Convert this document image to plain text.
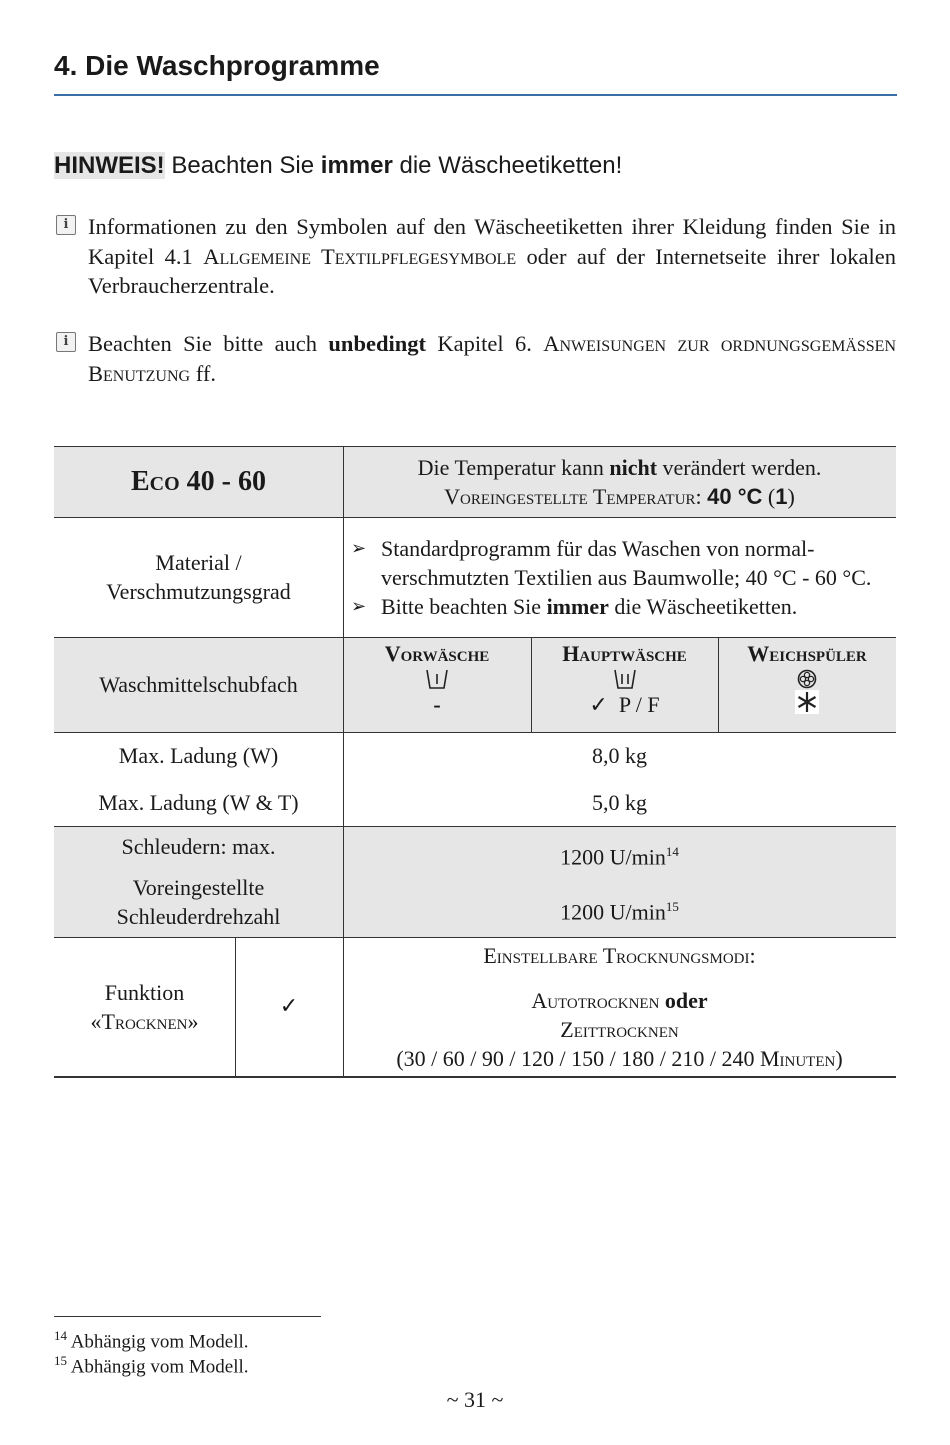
4. Die Waschprogramme
HINWEIS! Beachten Sie immer die Wäscheetiketten!
i Informationen zu den Symbolen auf den Wäscheetiketten ihrer Kleidung finden Sie in Kapitel 4.1 Allgemeine Textilpflegesymbole oder auf der Internetseite ihrer lokalen Verbraucherzentrale.
i Beachten Sie bitte auch unbedingt Kapitel 6. Anweisungen zur ordnungsgemäßen Benutzung ff.
Eco 40 - 60	Die Temperatur kann nicht verändert werden.
Voreingestellte Temperatur: 40 °C (1)
Material / Verschmutzungsgrad
➢ Standardprogramm für das Waschen von normal-verschmutzten Textilien aus Baumwolle; 40 °C - 60 °C.
➢ Bitte beachten Sie immer die Wäscheetiketten.
Waschmittelschubfach
Vorwäsche
-
Hauptwäsche
✓ P / F
Weichspüler
Max. Ladung (W)
Max. Ladung (W & T)
8,0 kg
5,0 kg
Schleudern: max.
Voreingestellte Schleuderdrehzahl
1200 $U/\min^{14}$
1200 $U/\min^{15}$
Funktion
«Trocknen»
✓
Einstellbare Trocknungsmodi:
Autotrocknen oder
Zeittrocknen
(30 / 60 / 90 / 120 / 150 / 180 / 210 / 240 Minuten)
$^{14}$ Abhängig vom Modell.
$^{15}$ Abhängig vom Modell.
~ 31 ~
